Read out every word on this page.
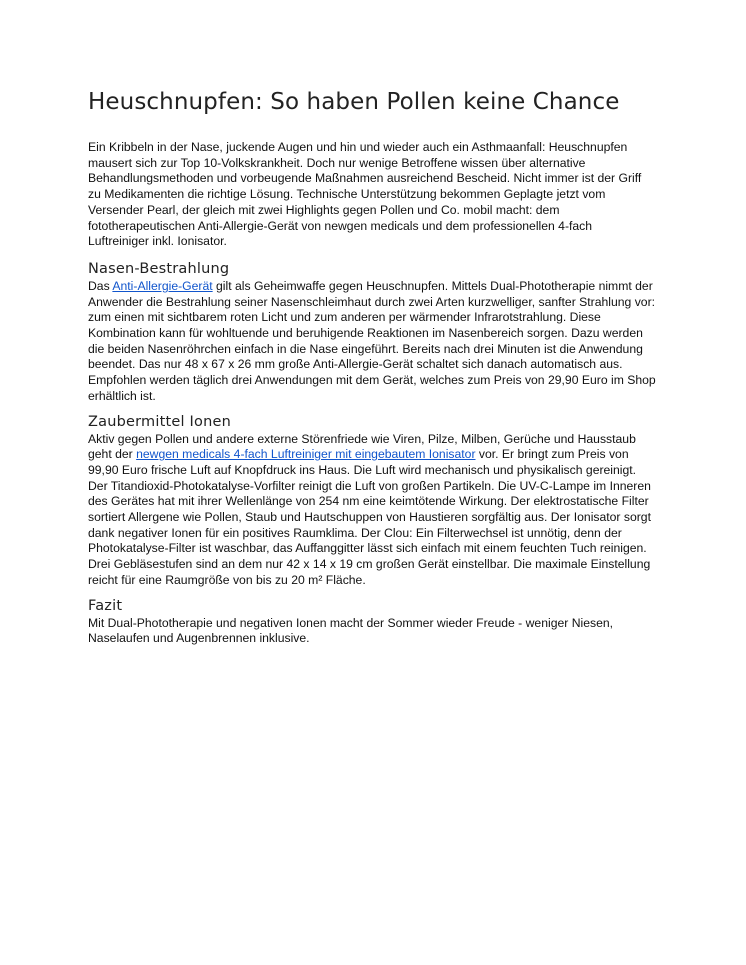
Heuschnupfen: So haben Pollen keine Chance

Ein Kribbeln in der Nase, juckende Augen und hin und wieder auch ein Asthmaanfall: Heuschnupfen mausert sich zur Top 10-Volkskrankheit. Doch nur wenige Betroffene wissen über alternative Behandlungsmethoden und vorbeugende Maßnahmen ausreichend Bescheid. Nicht immer ist der Griff zu Medikamenten die richtige Lösung. Technische Unterstützung bekommen Geplagte jetzt vom Versender Pearl, der gleich mit zwei Highlights gegen Pollen und Co. mobil macht: dem fototherapeutischen Anti-Allergie-Gerät von newgen medicals und dem professionellen 4-fach Luftreiniger inkl. Ionisator.

Nasen-Bestrahlung

Das Anti-Allergie-Gerät gilt als Geheimwaffe gegen Heuschnupfen. Mittels Dual-Phototherapie nimmt der Anwender die Bestrahlung seiner Nasenschleimhaut durch zwei Arten kurzwelliger, sanfter Strahlung vor: zum einen mit sichtbarem roten Licht und zum anderen per wärmender Infrarotstrahlung. Diese Kombination kann für wohltuende und beruhigende Reaktionen im Nasenbereich sorgen. Dazu werden die beiden Nasenröhrchen einfach in die Nase eingeführt. Bereits nach drei Minuten ist die Anwendung beendet. Das nur 48 x 67 x 26 mm große Anti-Allergie-Gerät schaltet sich danach automatisch aus. Empfohlen werden täglich drei Anwendungen mit dem Gerät, welches zum Preis von 29,90 Euro im Shop erhältlich ist.

Zaubermittel Ionen

Aktiv gegen Pollen und andere externe Störenfriede wie Viren, Pilze, Milben, Gerüche und Hausstaub geht der newgen medicals 4-fach Luftreiniger mit eingebautem Ionisator vor. Er bringt zum Preis von 99,90 Euro frische Luft auf Knopfdruck ins Haus. Die Luft wird mechanisch und physikalisch gereinigt. Der Titandioxid-Photokatalyse-Vorfilter reinigt die Luft von großen Partikeln. Die UV-C-Lampe im Inneren des Gerätes hat mit ihrer Wellenlänge von 254 nm eine keimtötende Wirkung. Der elektrostatische Filter sortiert Allergene wie Pollen, Staub und Hautschuppen von Haustieren sorgfältig aus. Der Ionisator sorgt dank negativer Ionen für ein positives Raumklima. Der Clou: Ein Filterwechsel ist unnötig, denn der Photokatalyse-Filter ist waschbar, das Auffanggitter lässt sich einfach mit einem feuchten Tuch reinigen. Drei Gebläsestufen sind an dem nur 42 x 14 x 19 cm großen Gerät einstellbar. Die maximale Einstellung reicht für eine Raumgröße von bis zu 20 m² Fläche.

Fazit

Mit Dual-Phototherapie und negativen Ionen macht der Sommer wieder Freude - weniger Niesen, Naselaufen und Augenbrennen inklusive.
